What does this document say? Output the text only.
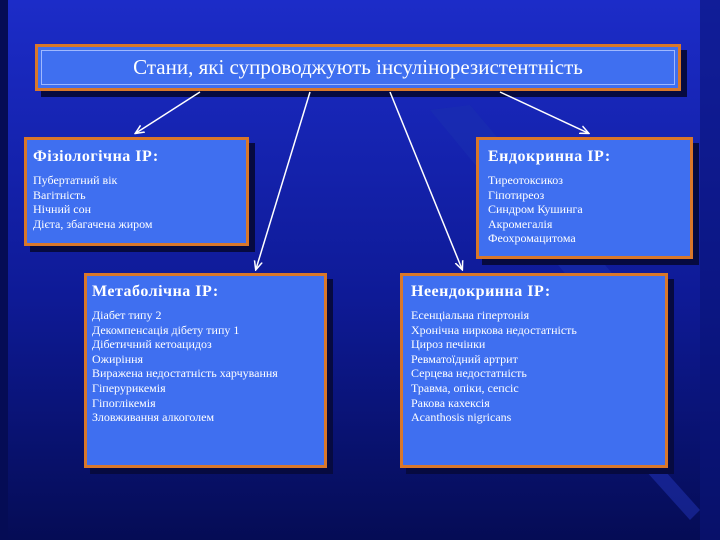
Стани, які супроводжують інсулінорезистентність
Фізіологічна ІР:
Пубертатний вік
Вагітність
Нічний сон
Дієта, збагачена жиром
Ендокринна ІР:
Тиреотоксикоз
Гіпотиреоз
Синдром Кушинга
Акромегалія
Феохромацитома
Метаболічна ІР:
Діабет типу 2
Декомпенсація дібету типу 1
Дібетичний кетоацидоз
Ожиріння
Виражена недостатність харчування
Гіперурикемія
Гіпоглікемія
Зловживання алкоголем
Неендокринна ІР:
Есенціальна гіпертонія
Хронічна ниркова недостатність
Цироз печінки
Ревматоїдний артрит
Серцева недостатність
Травма, опіки, сепсіс
Ракова кахексія
Acanthosis nigricans
